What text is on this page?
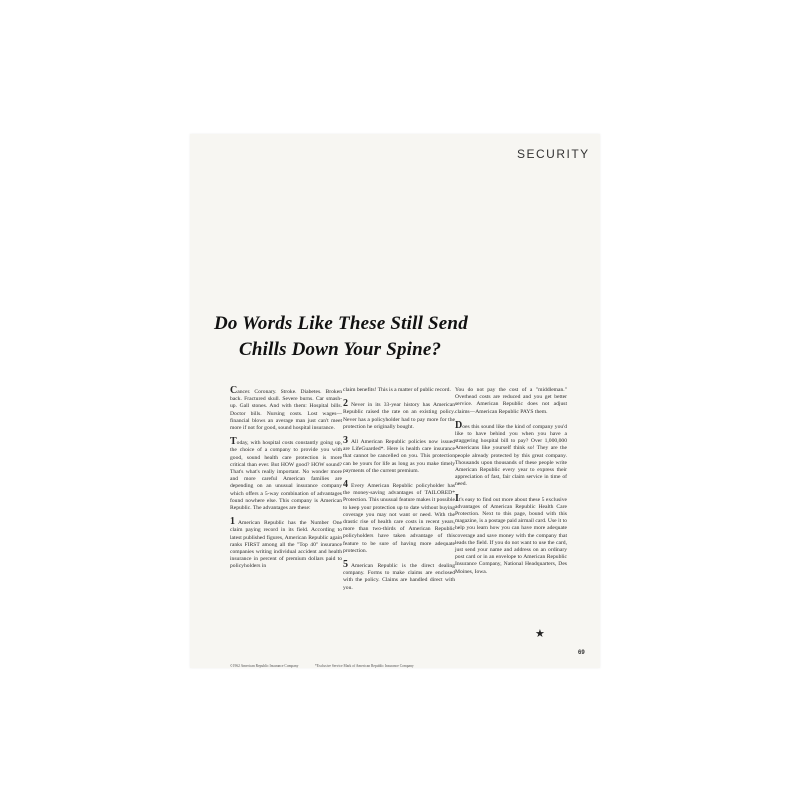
SECURITY
Do Words Like These Still Send
Chills Down Your Spine?

Cancer. Coronary. Stroke. Diabetes. Broken back. Fractured skull. Severe burns. Car smash-up. Gall stones. And with them: Hospital bills. Doctor bills. Nursing costs. Lost wages—financial blows an average man just can't meet more if not for good, sound hospital insurance.

Today, with hospital costs constantly going up, the choice of a company to provide you with good, sound health care protection is more critical than ever. But HOW good? HOW sound? That's what's really important. No wonder more and more careful American families are depending on an unusual insurance company which offers a 5-way combination of advantages found nowhere else. This company is American Republic. The advantages are these:

1 American Republic has the Number One claim paying record in its field. According to latest published figures, American Republic again ranks FIRST among all the "Top 40" insurance companies writing individual accident and health insurance in percent of premium dollars paid to policyholders in

claim benefits! This is a matter of public record.

2 Never in its 33-year history has American Republic raised the rate on an existing policy. Never has a policyholder had to pay more for the protection he originally bought.

3 All American Republic policies now issued are LifeGuarded*. Here is health care insurance that cannot be cancelled on you. This protection can be yours for life as long as you make timely payments of the current premium.

4 Every American Republic policyholder has the money-saving advantages of TAILORED* Protection. This unusual feature makes it possible to keep your protection up to date without buying coverage you may not want or need. With the drastic rise of health care costs in recent years, more than two-thirds of American Republic policyholders have taken advantage of this feature to be sure of having more adequate protection.

5 American Republic is the direct dealing company. Forms to make claims are enclosed with the policy. Claims are handled direct with you.

You do not pay the cost of a "middleman." Overhead costs are reduced and you get better service. American Republic does not adjust claims—American Republic PAYS them.

Does this sound like the kind of company you'd like to have behind you when you have a staggering hospital bill to pay? Over 1,000,000 Americans like yourself think so! They are the people already protected by this great company. Thousands upon thousands of these people write American Republic every year to express their appreciation of fast, fair claim service in time of need.

It's easy to find out more about these 5 exclusive advantages of American Republic Health Care Protection. Next to this page, bound with this magazine, is a postage paid airmail card. Use it to help you learn how you can have more adequate coverage and save money with the company that leads the field. If you do not want to use the card, just send your name and address on an ordinary post card or in an envelope to American Republic Insurance Company, National Headquarters, Des Moines, Iowa.

★
©1962 American Republic Insurance Company	*Exclusive Service Mark of American Republic Insurance Company
69
